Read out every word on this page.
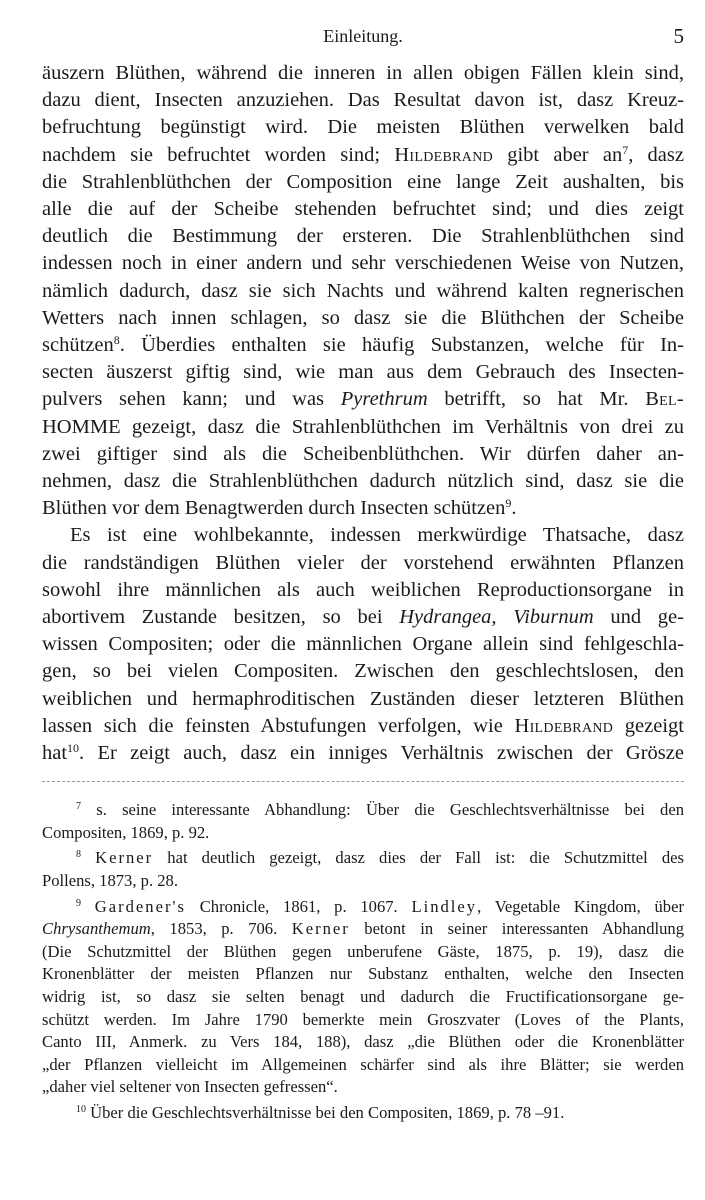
Einleitung.	5

äuszern Blüthen, während die inneren in allen obigen Fällen klein sind,
dazu dient, Insecten anzuziehen. Das Resultat davon ist, dasz Kreuz-
befruchtung begünstigt wird. Die meisten Blüthen verwelken bald
nachdem sie befruchtet worden sind; Hildebrand gibt aber $an^7$, dasz
die Strahlenblüthchen der Composition eine lange Zeit aushalten, bis
alle die auf der Scheibe stehenden befruchtet sind; und dies zeigt
deutlich die Bestimmung der ersteren. Die Strahlenblüthchen sind
indessen noch in einer andern und sehr verschiedenen Weise von Nutzen,
nämlich dadurch, dasz sie sich Nachts und während kalten regnerischen
Wetters nach innen schlagen, so dasz sie die Blüthchen der Scheibe
schützen$^8$. Überdies enthalten sie häufig Substanzen, welche für In-
secten äuszerst giftig sind, wie man aus dem Gebrauch des Insecten-
pulvers sehen kann; und was Pyrethrum betrifft, so hat Mr. Bel-
HOMME gezeigt, dasz die Strahlenblüthchen im Verhältnis von drei zu
zwei giftiger sind als die Scheibenblüthchen. Wir dürfen daher an-
nehmen, dasz die Strahlenblüthchen dadurch nützlich sind, dasz sie die
Blüthen vor dem Benagtwerden durch Insecten schützen$^9$.

Es ist eine wohlbekannte, indessen merkwürdige Thatsache, dasz
die randständigen Blüthen vieler der vorstehend erwähnten Pflanzen
sowohl ihre männlichen als auch weiblichen Reproductionsorgane in
abortivem Zustande besitzen, so bei Hydrangea, Viburnum und ge-
wissen Compositen; oder die männlichen Organe allein sind fehlgeschla-
gen, so bei vielen Compositen. Zwischen den geschlechtslosen, den
weiblichen und hermaphroditischen Zuständen dieser letzteren Blüthen
lassen sich die feinsten Abstufungen verfolgen, wie Hildebrand gezeigt
hat$^{10}$. Er zeigt auch, dasz ein inniges Verhältnis zwischen der Grösze

$^7$ s. seine interessante Abhandlung: Über die Geschlechtsverhältnisse bei den
Compositen, 1869, p. 92.
$^8$ Kerner hat deutlich gezeigt, dasz dies der Fall ist: die Schutzmittel des
Pollens, 1873, p. 28.
$^9$ Gardener's Chronicle, 1861, p. 1067. Lindley, Vegetable Kingdom, über
Chrysanthemum, 1853, p. 706. Kerner betont in seiner interessanten Abhandlung
(Die Schutzmittel der Blüthen gegen unberufene Gäste, 1875, p. 19), dasz die
Kronenblätter der meisten Pflanzen nur Substanz enthalten, welche den Insecten
widrig ist, so dasz sie selten benagt und dadurch die Fructificationsorgane ge-
schützt werden. Im Jahre 1790 bemerkte mein Groszvater (Loves of the Plants,
Canto III, Anmerk. zu Vers 184, 188), dasz „die Blüthen oder die Kronenblätter
„der Pflanzen vielleicht im Allgemeinen schärfer sind als ihre Blätter; sie werden
„daher viel seltener von Insecten gefressen“.
$^{10}$ Über die Geschlechtsverhältnisse bei den Compositen, 1869, p. 78 –91.
